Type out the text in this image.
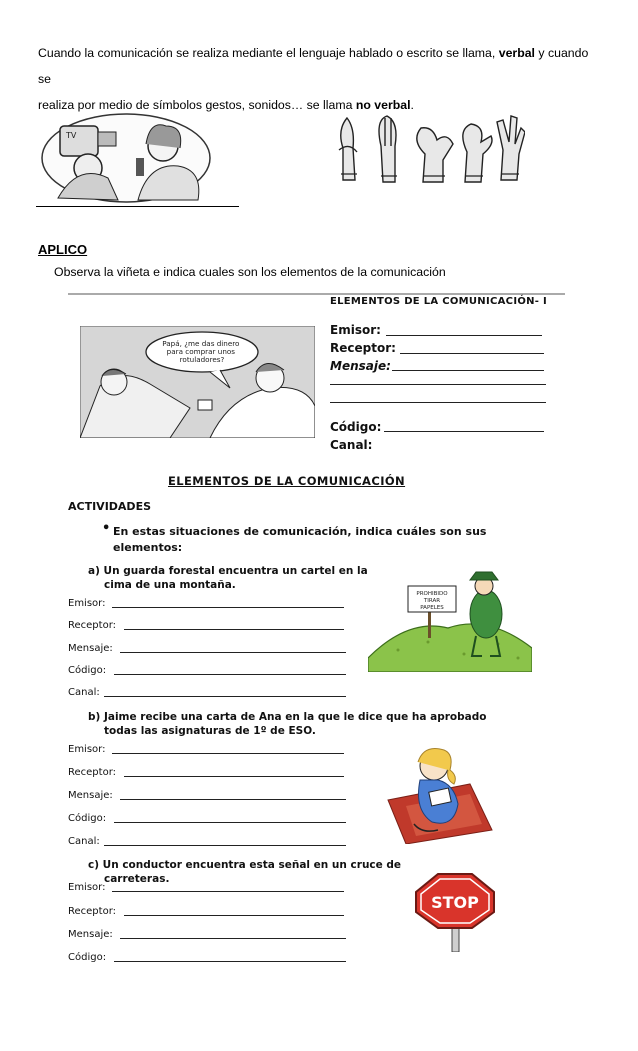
Cuando la comunicación se realiza mediante el lenguaje hablado o escrito se llama, verbal y cuando se
realiza por medio de símbolos gestos, sonidos… se llama no verbal.
TV
APLICO
Observa la viñeta e indica cuales son los elementos de la comunicación
ELEMENTOS DE LA COMUNICACIÓN- I
Papá, ¿me das dinero para comprar unos rotuladores?
Emisor:
Receptor:
Mensaje:
Código:
Canal:
ELEMENTOS DE LA COMUNICACIÓN
ACTIVIDADES
• En estas situaciones de comunicación, indica cuáles son sus
elementos:
a) Un guarda forestal encuentra un cartel en la
cima de una montaña.
Emisor:
Receptor:
Mensaje:
Código:
Canal:
PROHIBIDO TIRAR PAPELES
b) Jaime recibe una carta de Ana en la que le dice que ha aprobado
todas las asignaturas de 1º de ESO.
Emisor:
Receptor:
Mensaje:
Código:
Canal:
c) Un conductor encuentra esta señal en un cruce de
carreteras.
Emisor:
Receptor:
Mensaje:
Código:
STOP
